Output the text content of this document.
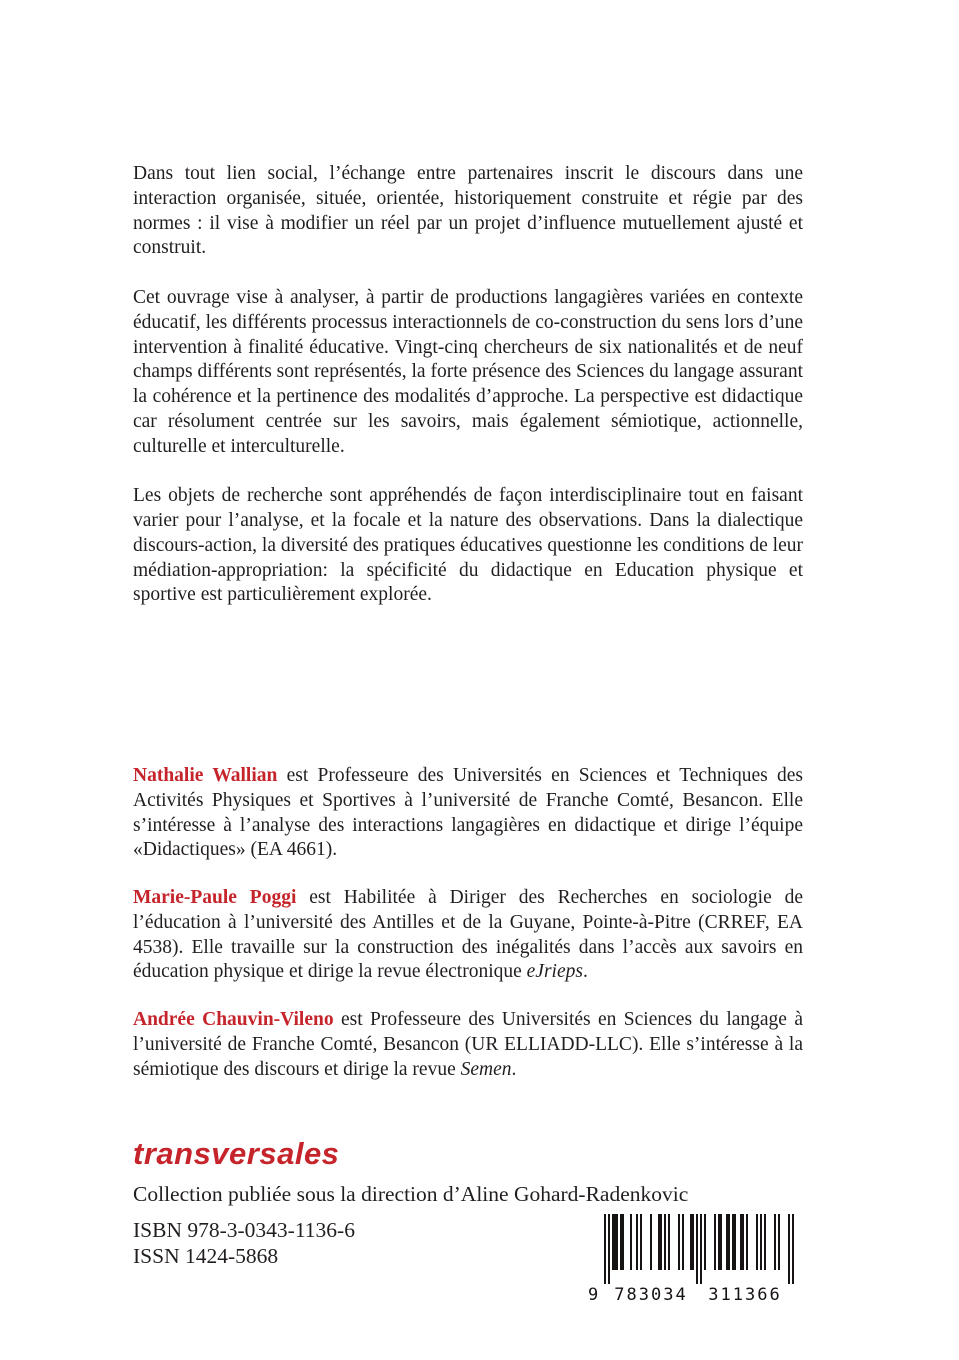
Dans tout lien social, l’échange entre partenaires inscrit le discours dans une interaction organisée, située, orientée, historiquement construite et régie par des normes : il vise à modifier un réel par un projet d’influence mutuellement ajusté et construit.

Cet ouvrage vise à analyser, à partir de productions langagières variées en contexte éducatif, les différents processus interactionnels de co-construction du sens lors d’une intervention à finalité éducative. Vingt-cinq chercheurs de six nationalités et de neuf champs différents sont représentés, la forte présence des Sciences du langage assurant la cohérence et la pertinence des modalités d’approche. La perspective est didactique car résolument centrée sur les savoirs, mais également sémiotique, actionnelle, culturelle et interculturelle.

Les objets de recherche sont appréhendés de façon interdisciplinaire tout en faisant varier pour l’analyse, et la focale et la nature des observations. Dans la dialectique discours-action, la diversité des pratiques éducatives questionne les conditions de leur médiation-appropriation: la spécificité du didactique en Education physique et sportive est particulièrement explorée.

Nathalie Wallian est Professeure des Universités en Sciences et Techniques des Activités Physiques et Sportives à l’université de Franche Comté, Besancon. Elle s’intéresse à l’analyse des interactions langagières en didactique et dirige l’équipe «Didactiques» (EA 4661).

Marie-Paule Poggi est Habilitée à Diriger des Recherches en sociologie de l’éducation à l’université des Antilles et de la Guyane, Pointe-à-Pitre (CRREF, EA 4538). Elle travaille sur la construction des inégalités dans l’accès aux savoirs en éducation physique et dirige la revue électronique eJrieps.

Andrée Chauvin-Vileno est Professeure des Universités en Sciences du langage à l’université de Franche Comté, Besancon (UR ELLIADD-LLC). Elle s’intéresse à la sémiotique des discours et dirige la revue Semen.

transversales
Collection publiée sous la direction d’Aline Gohard-Radenkovic
ISBN 978-3-0343-1136-6
ISSN 1424-5868
9 783034 311366
